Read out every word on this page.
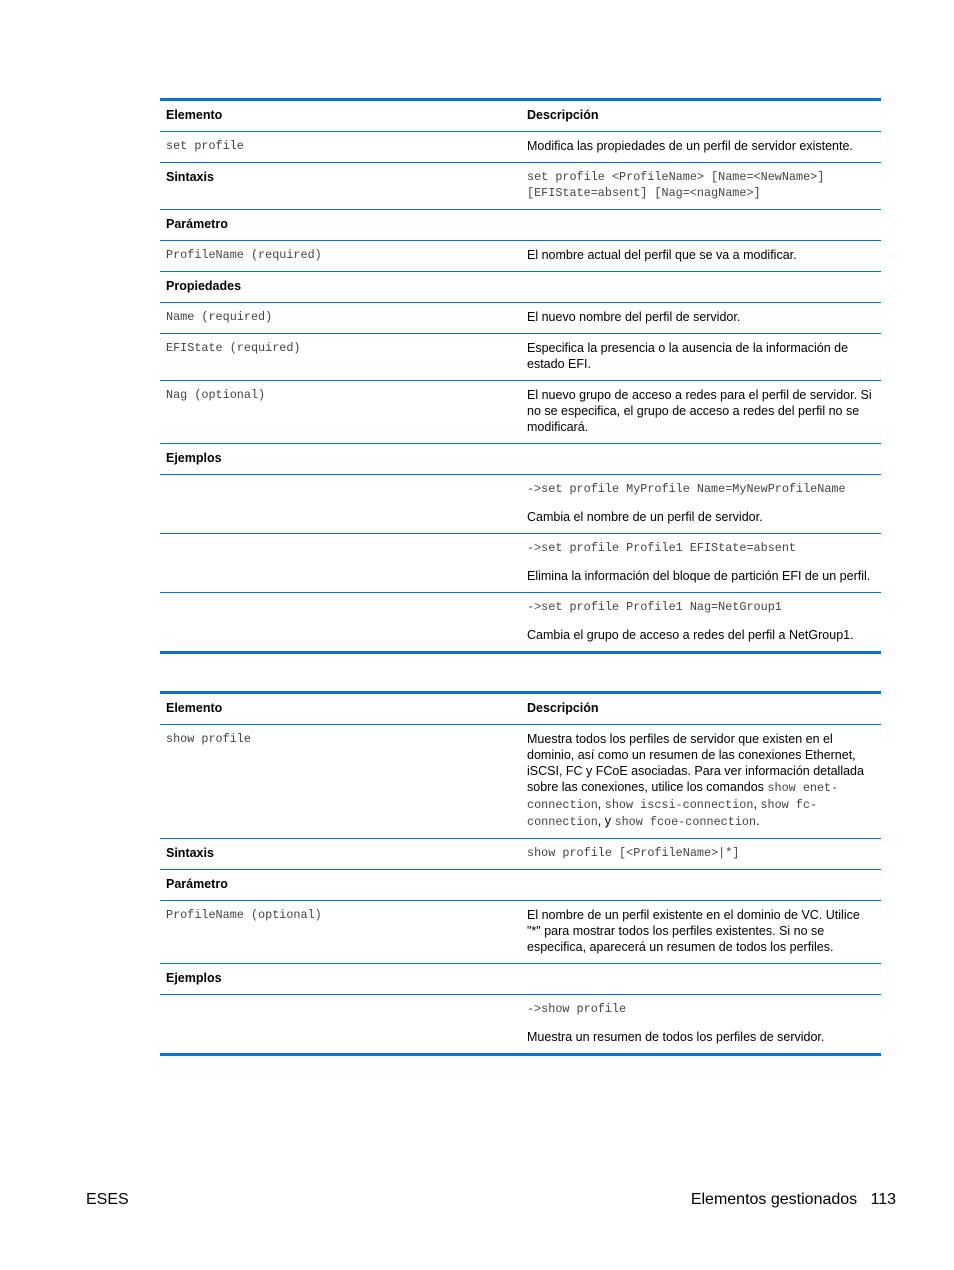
Elemento	Descripción
set profile	Modifica las propiedades de un perfil de servidor existente.
Sintaxis	set profile <ProfileName> [Name=<NewName>]
[EFIState=absent] [Nag=<nagName>]
Parámetro
ProfileName (required)	El nombre actual del perfil que se va a modificar.
Propiedades
Name (required)	El nuevo nombre del perfil de servidor.
EFIState (required)	Especifica la presencia o la ausencia de la información de estado EFI.
Nag (optional)	El nuevo grupo de acceso a redes para el perfil de servidor. Si no se especifica, el grupo de acceso a redes del perfil no se modificará.
Ejemplos
->set profile MyProfile Name=MyNewProfileName
Cambia el nombre de un perfil de servidor.
->set profile Profile1 EFIState=absent
Elimina la información del bloque de partición EFI de un perfil.
->set profile Profile1 Nag=NetGroup1
Cambia el grupo de acceso a redes del perfil a NetGroup1.
Elemento	Descripción
show profile	Muestra todos los perfiles de servidor que existen en el dominio, así como un resumen de las conexiones Ethernet, iSCSI, FC y FCoE asociadas. Para ver información detallada sobre las conexiones, utilice los comandos show enet-connection, show iscsi-connection, show fc-connection, y show fcoe-connection.
Sintaxis	show profile [<ProfileName>|*]
Parámetro
ProfileName (optional)	El nombre de un perfil existente en el dominio de VC. Utilice "*" para mostrar todos los perfiles existentes. Si no se especifica, aparecerá un resumen de todos los perfiles.
Ejemplos
->show profile
Muestra un resumen de todos los perfiles de servidor.
ESES	Elementos gestionados   113
